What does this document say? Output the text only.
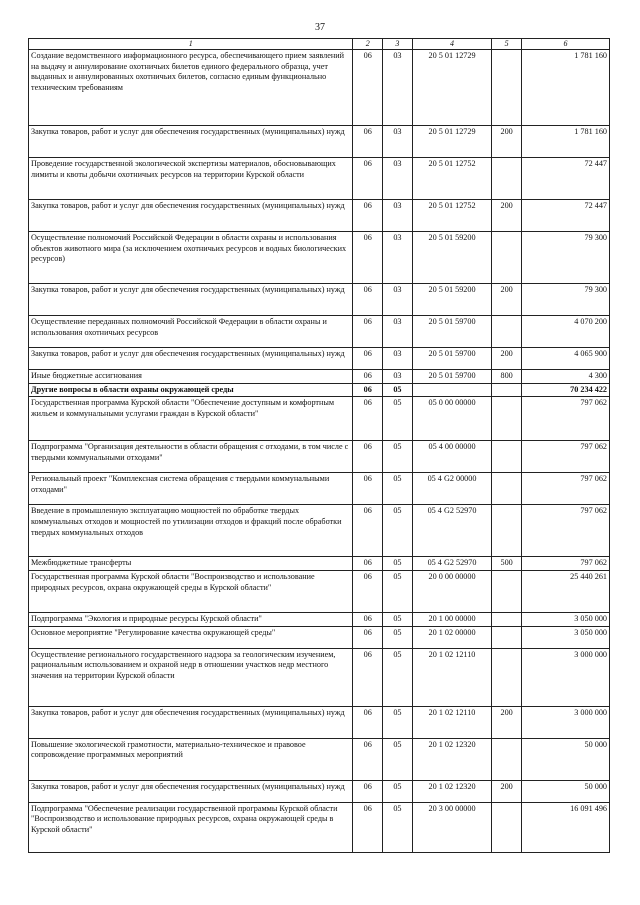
37
1	2	3	4	5	6
Создание ведомственного информационного ресурса, обеспечивающего прием заявлений на выдачу и аннулирование охотничьих билетов единого федерального образца, учет выданных и аннулированных охотничьих билетов, согласно единым функционально техническим требованиям	06	03	20 5 01 12729		1 781 160
Закупка товаров, работ и услуг для обеспечения государственных (муниципальных) нужд	06	03	20 5 01 12729	200	1 781 160
Проведение государственной экологической экспертизы материалов, обосновывающих лимиты и квоты добычи охотничьих ресурсов на территории Курской области	06	03	20 5 01 12752		72 447
Закупка товаров, работ и услуг для обеспечения государственных (муниципальных) нужд	06	03	20 5 01 12752	200	72 447
Осуществление полномочий Российской Федерации в области охраны и использования объектов животного мира (за исключением охотничьих ресурсов и водных биологических ресурсов)	06	03	20 5 01 59200		79 300
Закупка товаров, работ и услуг для обеспечения государственных (муниципальных) нужд	06	03	20 5 01 59200	200	79 300
Осуществление переданных полномочий Российской Федерации в области охраны и использования охотничьих ресурсов	06	03	20 5 01 59700		4 070 200
Закупка товаров, работ и услуг для обеспечения государственных (муниципальных) нужд	06	03	20 5 01 59700	200	4 065 900
Иные бюджетные ассигнования	06	03	20 5 01 59700	800	4 300
Другие вопросы в области охраны окружающей среды	06	05			70 234 422
Государственная программа Курской области "Обеспечение доступным и комфортным жильем и коммунальными услугами граждан в Курской области"	06	05	05 0 00 00000		797 062
Подпрограмма "Организация деятельности в области обращения с отходами, в том числе с твердыми коммунальными отходами"	06	05	05 4 00 00000		797 062
Региональный проект "Комплексная система обращения с твердыми коммунальными отходами"	06	05	05 4 G2 00000		797 062
Введение в промышленную эксплуатацию мощностей по обработке твердых коммунальных отходов и мощностей по утилизации отходов и фракций после обработки твердых коммунальных отходов	06	05	05 4 G2 52970		797 062
Межбюджетные трансферты	06	05	05 4 G2 52970	500	797 062
Государственная программа Курской области "Воспроизводство и использование природных ресурсов, охрана окружающей среды в Курской области"	06	05	20 0 00 00000		25 440 261
Подпрограмма "Экология и природные ресурсы Курской области"	06	05	20 1 00 00000		3 050 000
Основное мероприятие "Регулирование качества окружающей среды"	06	05	20 1 02 00000		3 050 000
Осуществление регионального государственного надзора за геологическим изучением, рациональным использованием и охраной недр в отношении участков недр местного значения на территории Курской области	06	05	20 1 02 12110		3 000 000
Закупка товаров, работ и услуг для обеспечения государственных (муниципальных) нужд	06	05	20 1 02 12110	200	3 000 000
Повышение экологической грамотности, материально-техническое и правовое сопровождение программных мероприятий	06	05	20 1 02 12320		50 000
Закупка товаров, работ и услуг для обеспечения государственных (муниципальных) нужд	06	05	20 1 02 12320	200	50 000
Подпрограмма "Обеспечение реализации государственной программы Курской области "Воспроизводство и использование природных ресурсов, охрана окружающей среды в Курской области"	06	05	20 3 00 00000		16 091 496
